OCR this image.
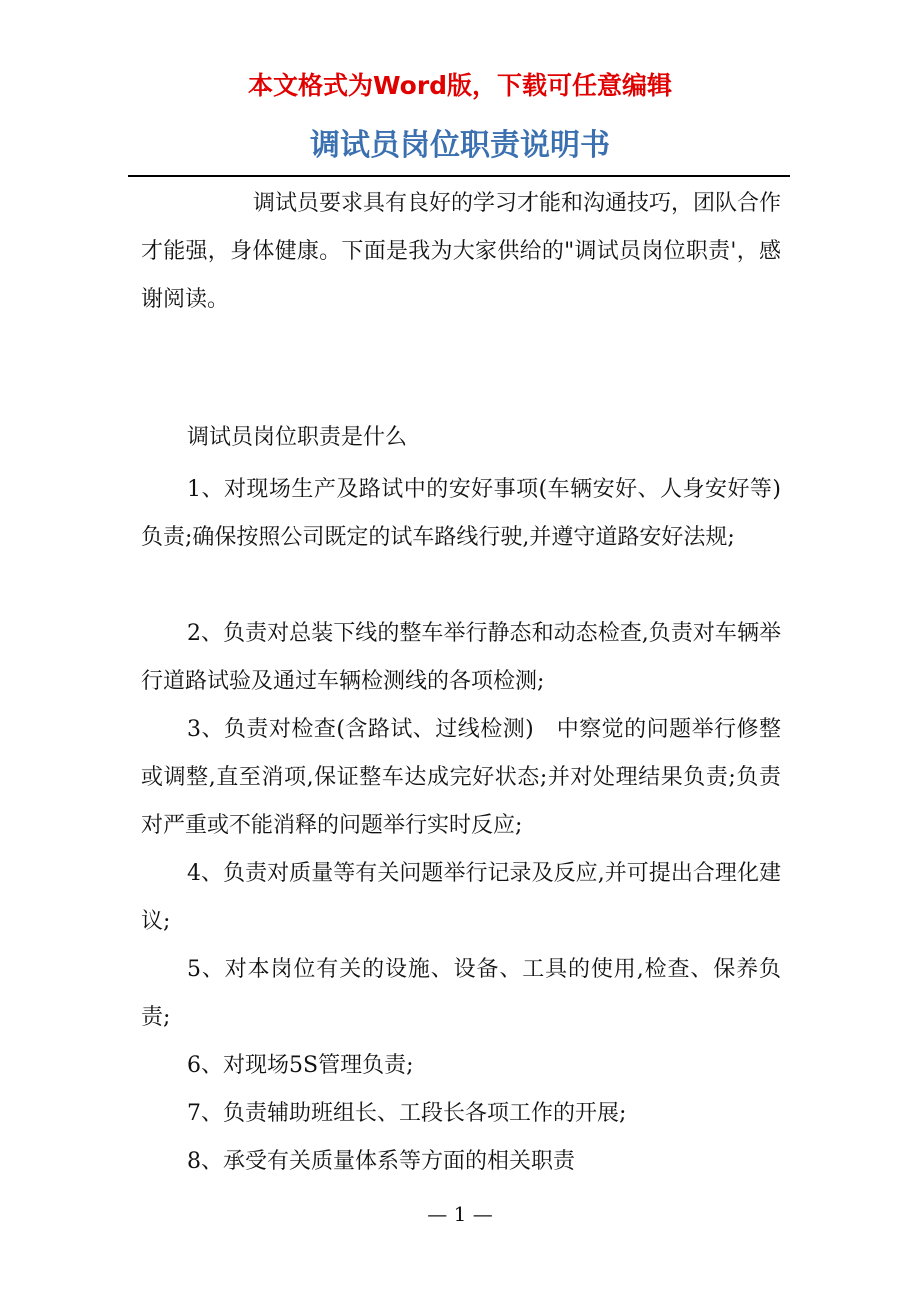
本文格式为Word版，下载可任意编辑
调试员岗位职责说明书

调试员要求具有良好的学习才能和沟通技巧，团队合作才能强，身体健康。下面是我为大家供给的"调试员岗位职责'，感谢阅读。

调试员岗位职责是什么

1、对现场生产及路试中的安好事项(车辆安好、人身安好等)　负责;确保按照公司既定的试车路线行驶,并遵守道路安好法规;

2、负责对总装下线的整车举行静态和动态检查,负责对车辆举行道路试验及通过车辆检测线的各项检测;

3、负责对检查(含路试、过线检测)　中察觉的问题举行修整或调整,直至消项,保证整车达成完好状态;并对处理结果负责;负责对严重或不能消释的问题举行实时反应;

4、负责对质量等有关问题举行记录及反应,并可提出合理化建议;

5、对本岗位有关的设施、设备、工具的使用,检查、保养负责;

6、对现场5S管理负责;

7、负责辅助班组长、工段长各项工作的开展;

8、承受有关质量体系等方面的相关职责

— 1 —
